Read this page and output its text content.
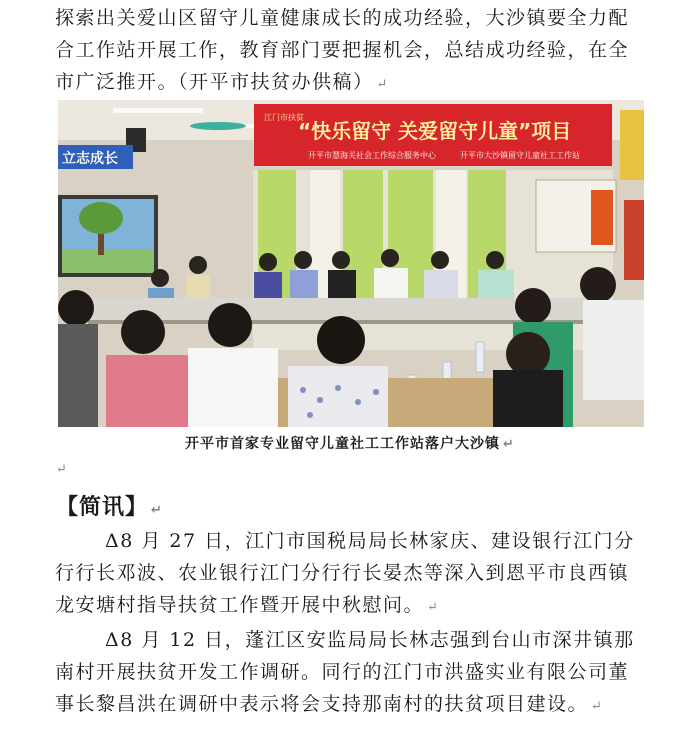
探索出关爱山区留守儿童健康成长的成功经验，大沙镇要全力配
合工作站开展工作，教育部门要把握机会，总结成功经验，在全
市广泛推开。（开平市扶贫办供稿） ↵
立志成长
江门市扶贫
“快乐留守 关爱留守儿童”项目
开平市慧海关社会工作综合服务中心	开平市大沙镇留守儿童社工工作站
开平市首家专业留守儿童社工工作站落户大沙镇 ↵
↵
【简讯】 ↵
Δ8 月 27 日，江门市国税局局长林家庆、建设银行江门分
行行长邓波、农业银行江门分行行长晏杰等深入到恩平市良西镇
龙安塘村指导扶贫工作暨开展中秋慰问。 ↵
Δ8 月 12 日，蓬江区安监局局长林志强到台山市深井镇那
南村开展扶贫开发工作调研。同行的江门市洪盛实业有限公司董
事长黎昌洪在调研中表示将会支持那南村的扶贫项目建设。 ↵
